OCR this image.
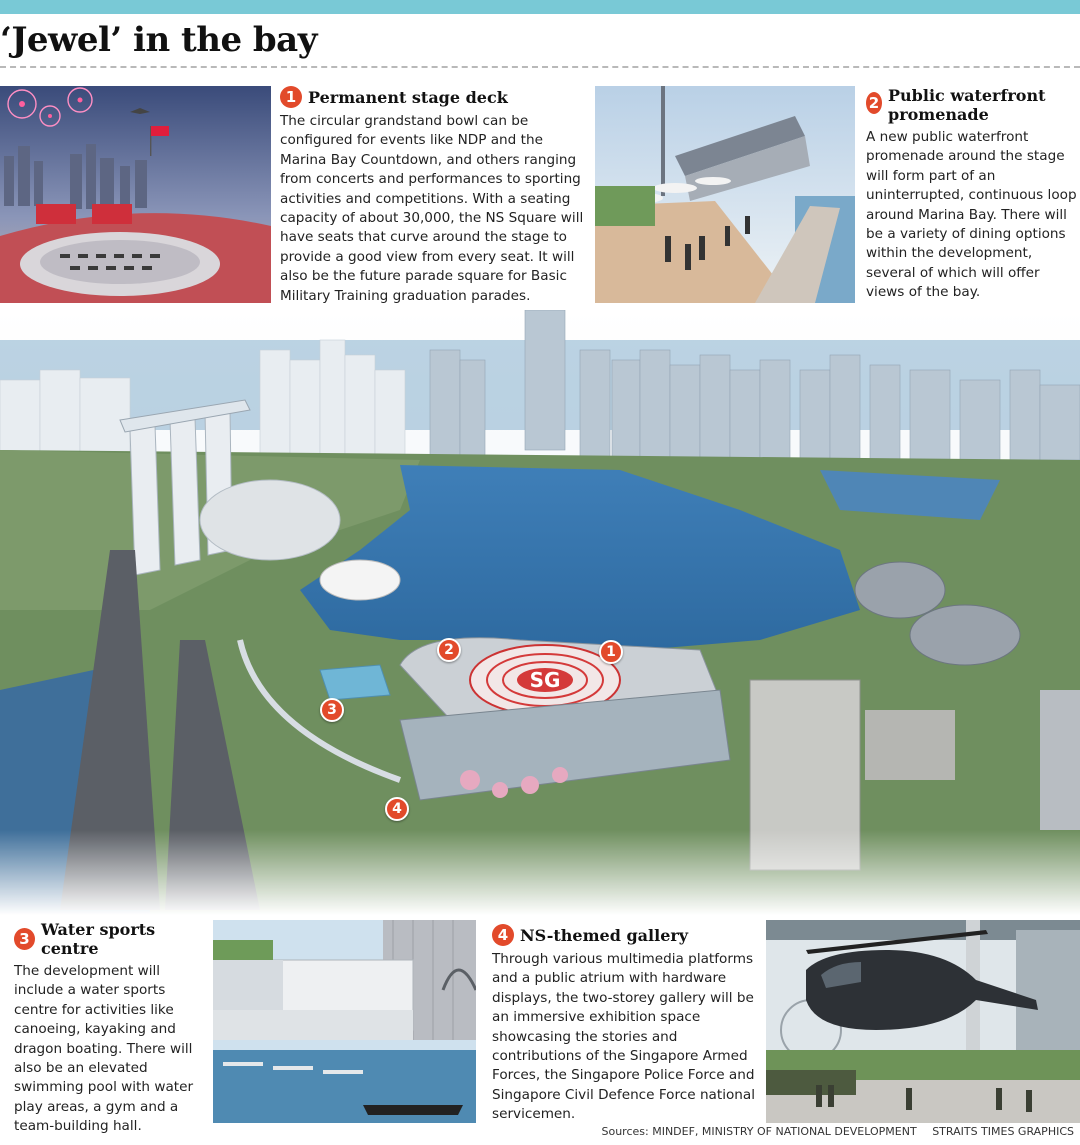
‘Jewel’ in the bay
1 Permanent stage deck

The circular grandstand bowl can be configured for events like NDP and the Marina Bay Countdown, and others ranging from concerts and performances to sporting activities and competitions. With a seating capacity of about 30,000, the NS Square will have seats that curve around the stage to provide a good view from every seat. It will also be the future parade square for Basic Military Training graduation parades.

2 Public waterfront promenade

A new public waterfront promenade around the stage will form part of an uninterrupted, continuous loop around Marina Bay. There will be a variety of dining options within the development, several of which will offer views of the bay.

SG
1
2
3
4
3 Water sports centre

The development will include a water sports centre for activities like canoeing, kayaking and dragon boating. There will also be an elevated swimming pool with water play areas, a gym and a team-building hall.

4 NS-themed gallery

Through various multimedia platforms and a public atrium with hardware displays, the two-storey gallery will be an immersive exhibition space showcasing the stories and contributions of the Singapore Armed Forces, the Singapore Police Force and Singapore Civil Defence Force national servicemen.

Sources: MINDEF, MINISTRY OF NATIONAL DEVELOPMENT STRAITS TIMES GRAPHICS
